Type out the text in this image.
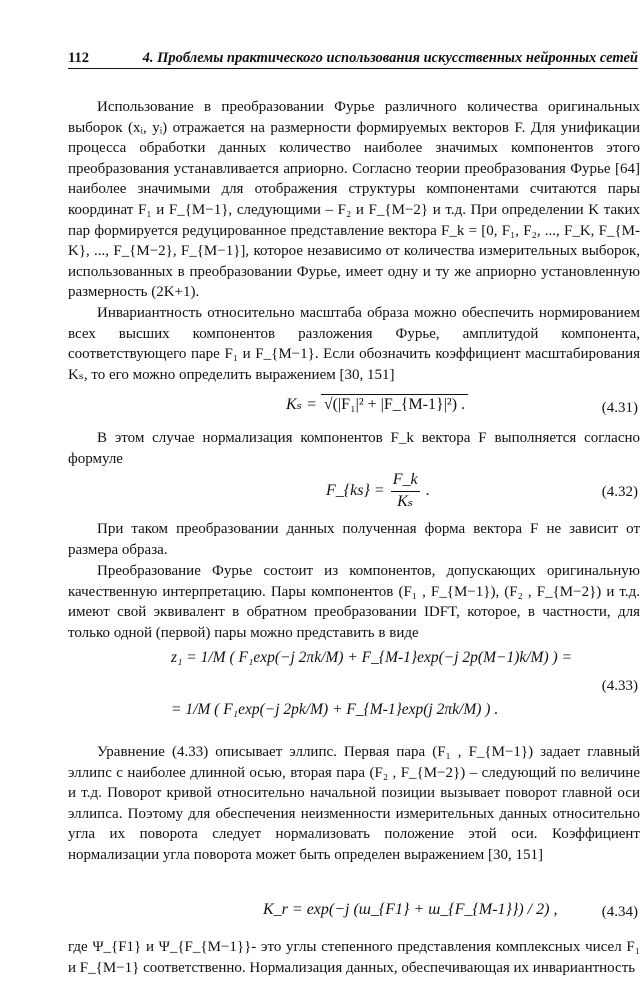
112	4. Проблемы практического использования искусственных нейронных сетей

Использование в преобразовании Фурье различного количества оригинальных выборок (xᵢ, yᵢ) отражается на размерности формируемых векторов F. Для унификации процесса обработки данных количество наиболее значимых компонентов этого преобразования устанавливается априорно. Согласно теории преобразования Фурье [64] наиболее значимыми для отображения структуры компонентами считаются пары координат F₁ и F_{M−1}, следующими – F₂ и F_{M−2} и т.д. При определении K таких пар формируется редуцированное представление вектора F_k = [0, F₁, F₂, ..., F_K, F_{M-K}, ..., F_{M−2}, F_{M−1}], которое независимо от количества измерительных выборок, использованных в преобразовании Фурье, имеет одну и ту же априорно установленную размерность (2K+1).

Инвариантность относительно масштаба образа можно обеспечить нормированием всех высших компонентов разложения Фурье, амплитудой компонента, соответствующего паре F₁ и F_{M−1}. Если обозначить коэффициент масштабирования Kₛ, то его можно определить выражением [30, 151]

Kₛ = √(|F₁|² + |F_{M-1}|²) .	(4.31)

В этом случае нормализация компонентов F_k вектора F выполняется согласно формуле

F_{ks} = $\frac{F\_k}{\text{Kₛ}}$ .	(4.32)

При таком преобразовании данных полученная форма вектора F не зависит от размера образа.

Преобразование Фурье состоит из компонентов, допускающих оригинальную качественную интерпретацию. Пары компонентов (F₁ , F_{M−1}), (F₂ , F_{M−2}) и т.д. имеют свой эквивалент в обратном преобразовании IDFT, которое, в частности, для только одной (первой) пары можно представить в виде

z₁ = 1/M ( F₁exp(−j 2πk/M) + F_{M-1}exp(−j 2p(M−1)k/M) ) =
= 1/M ( F₁exp(−j 2pk/M) + F_{M-1}exp(j 2πk/M) ) .
(4.33)

Уравнение (4.33) описывает эллипс. Первая пара (F₁ , F_{M−1}) задает главный эллипс с наиболее длинной осью, вторая пара (F₂ , F_{M−2}) – следующий по величине и т.д. Поворот кривой относительно начальной позиции вызывает поворот главной оси эллипса. Поэтому для обеспечения неизменности измерительных данных относительно угла их поворота следует нормализовать положение этой оси. Коэффициент нормализации угла поворота может быть определен выражением [30, 151]

K_r = exp(−j (ш_{F1} + ш_{F_{M-1}}) / 2) ,	(4.34)

где Ψ_{F1} и Ψ_{F_{M−1}}- это углы степенного представления комплексных чисел F₁ и F_{M−1} соответственно. Нормализация данных, обеспечивающая их инвариантность
